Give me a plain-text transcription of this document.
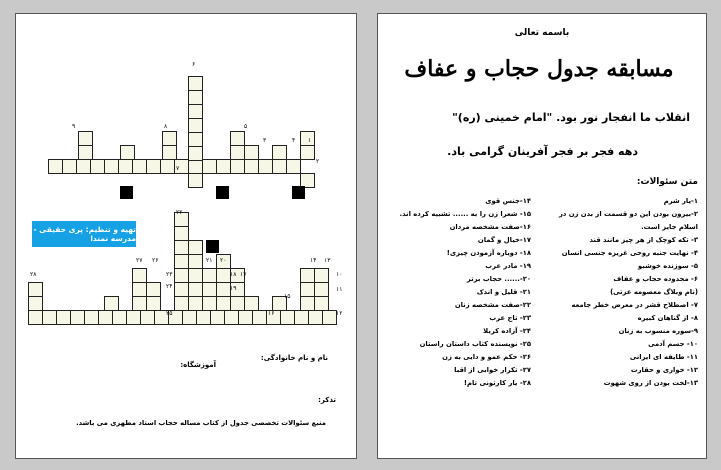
۱
۲
۳	۴
۵
۶
۷
۸
۹
۱۰
۱۱
۱۲
۱۳
۱۴
۱۵
۱۶
۱۷
۱۸
۱۹
۲۰
۲۱
۲۲
۲۳
۲۴
۲۵
۲۶
۲۷
۲۸
تهیه و تنظیم: پری حقیقی - مدرسه نمتدا
نام و نام خانوادگی:
آموزشگاه:
تذکر:
منبع سئوالات تخصصی جدول از کتاب مساله حجاب استاد مطهری می باشد.
باسمه تعالی
مسابقه جدول حجاب و عفاف
انقلاب ما انفجار نور بود. "امام خمینی (ره)"
دهه فجر بر فجر آفرینان گرامی باد.
متن سئوالات:
۱-یار شرم
۲-بیرون بودن این دو قسمت از بدن زن در
اسلام جایز است.
۳- تکه کوچک از هر چیز مانند قند
۴- نهایت جنبه روحی غریزه جنسی انسان
۵- سوزنده خوشبو
۶- محدوده حجاب و عفاف
(نام وبلاگ معصومه عزتی)
۷- اصطلاح قشر در معرض خطر جامعه
۸- از گناهان کبیره
۹-سوره منسوب به زنان
۱۰- جسم آدمی
۱۱- طایفه ای ایرانی
۱۲- خواری و حقارت
۱۳-لخت بودن از روی شهوت
۱۴-جنس قوی
۱۵- شعرا زن را به ...... تشبیه کرده اند.
۱۶-صفت مشخصه مردان
۱۷-خیال و گمان
۱۸- دوباره آزمودن چیزی!
۱۹- مادر عرب
۲۰-...... حجاب برتر
۲۱- قلیل و اندک
۲۲-صفت مشخصه زنان
۲۳- تاج عرب
۲۴- آزاده کربلا
۲۵- نویسنده کتاب داستان راستان
۲۶- حکم عمو و دایی به زن
۲۷- تکرار خوابی از اقبا
۲۸- یار کارتونی تام!
